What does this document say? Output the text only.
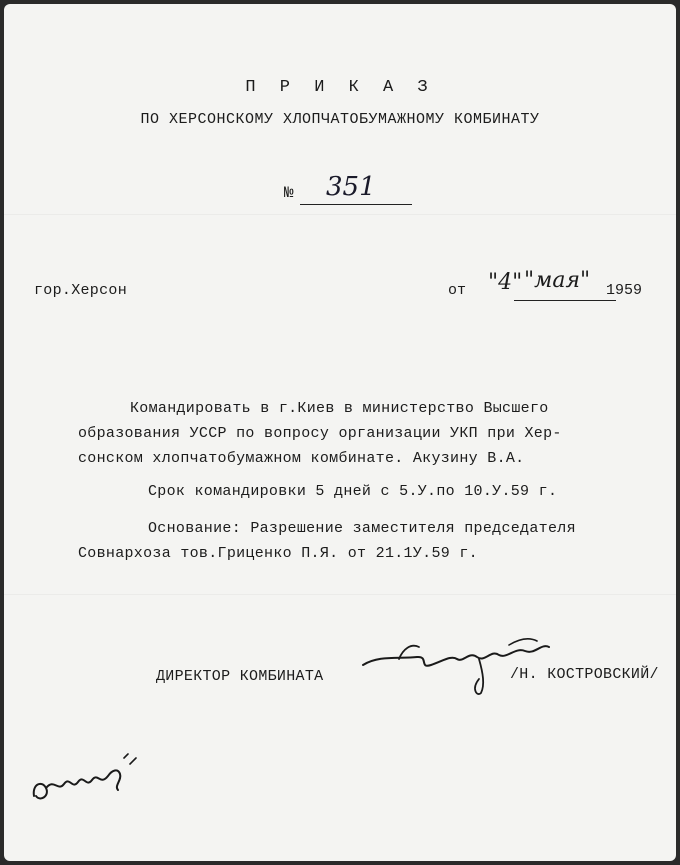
П Р И К А З
ПО ХЕРСОНСКОМУ ХЛОПЧАТОБУМАЖНОМУ КОМБИНАТУ
№ 351
гор.Херсон	от "4" "мая" 1959
Командировать в г.Киев в министерство Высшего
образования УССР по вопросу организации УКП при Хер-
сонском хлопчатобумажном комбинате. Акузину В.А.
Срок командировки 5 дней с 5.У.по 10.У.59 г.
Основание: Разрешение заместителя председателя
Совнархоза тов.Гриценко П.Я. от 21.1У.59 г.
ДИРЕКТОР КОМБИНАТА	/Н. КОСТРОВСКИЙ/
